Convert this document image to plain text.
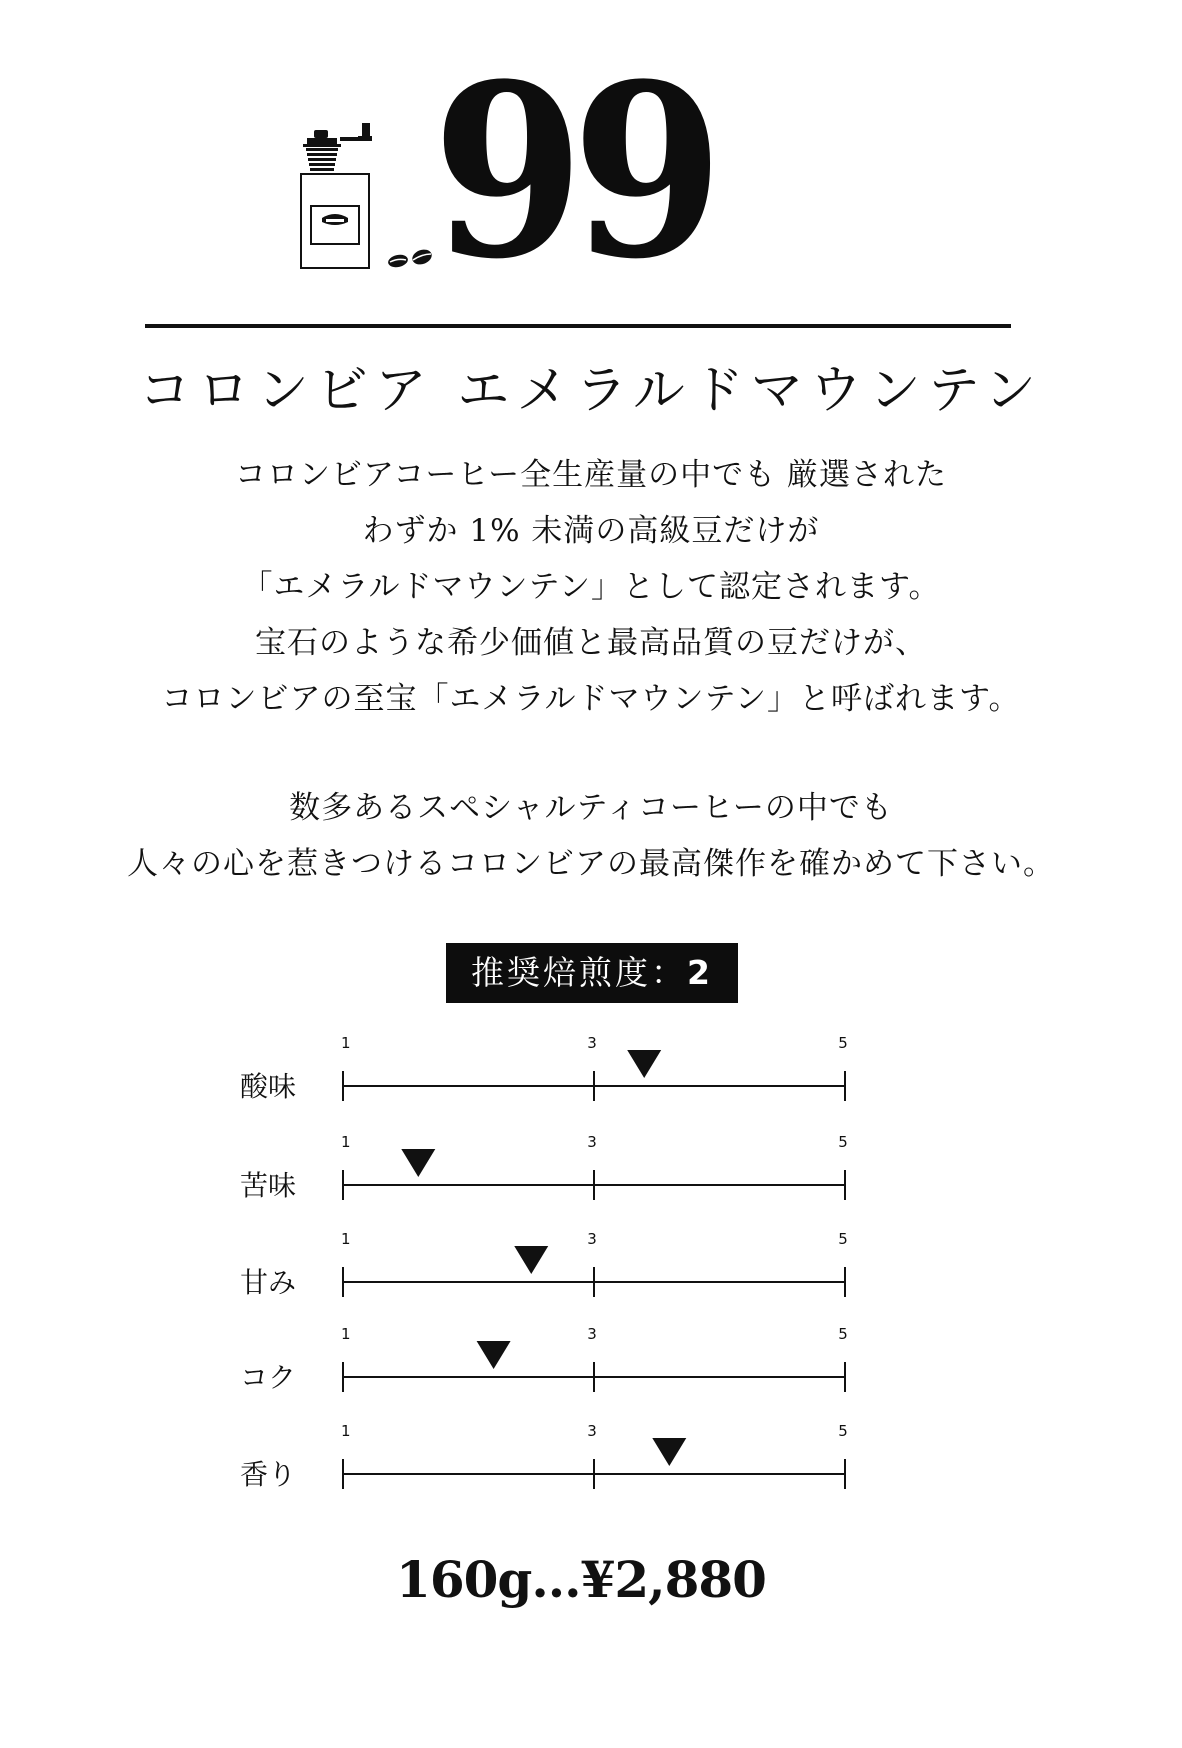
99
コロンビア エメラルドマウンテン
コロンビアコーヒー全生産量の中でも 厳選された
わずか 1% 未満の高級豆だけが
「エメラルドマウンテン」として認定されます。
宝石のような希少価値と最高品質の豆だけが、
コロンビアの至宝「エメラルドマウンテン」と呼ばれます。
数多あるスペシャルティコーヒーの中でも
人々の心を惹きつけるコロンビアの最高傑作を確かめて下さい。
推奨焙煎度：2
酸味
1	3	5
苦味
1	3	5
甘み
1	3	5
コク
1	3	5
香り
1	3	5
160g...¥2,880
